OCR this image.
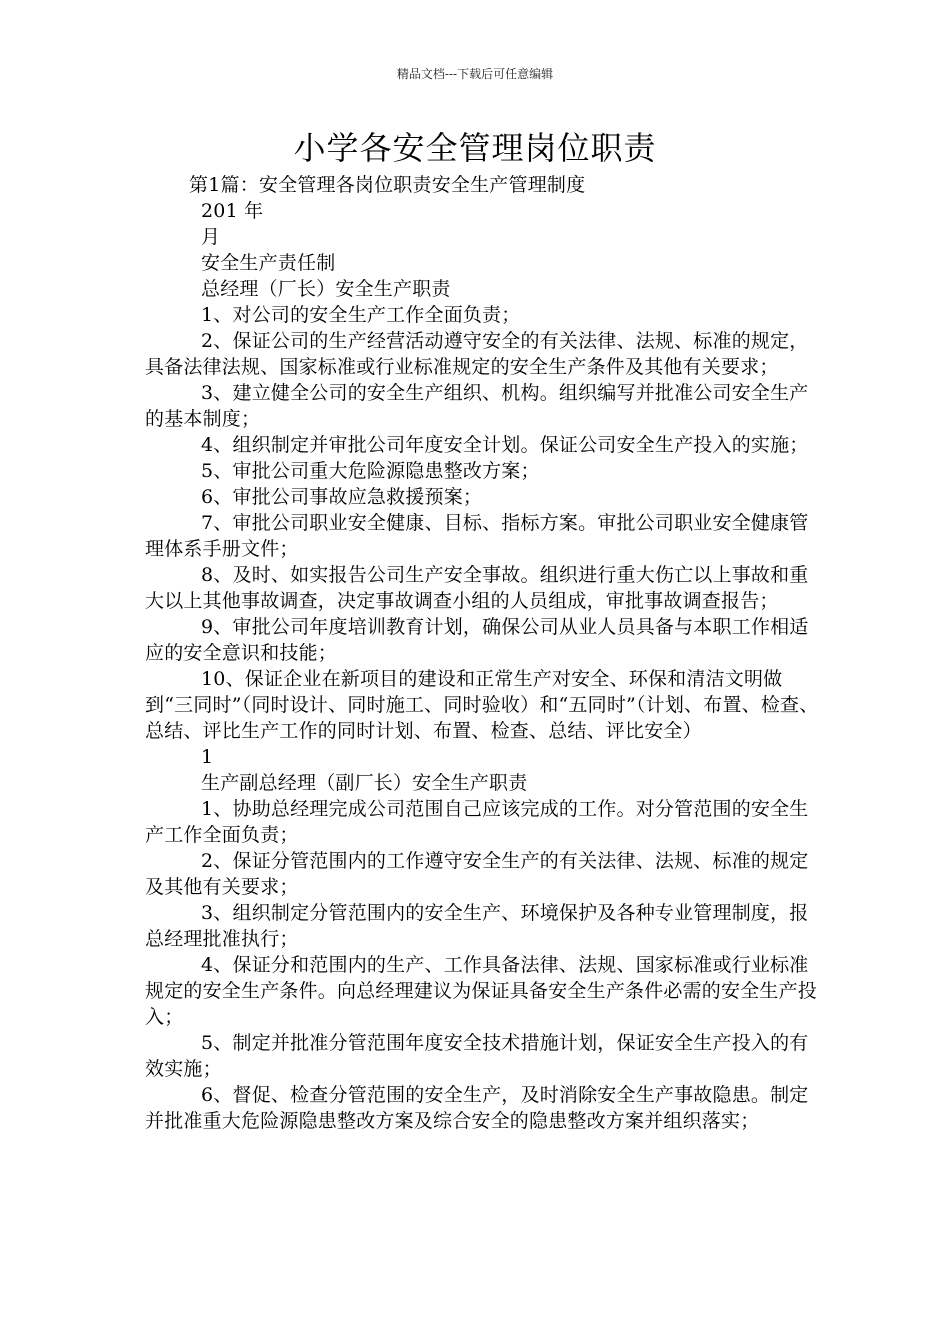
精品文档---下载后可任意编辑
小学各安全管理岗位职责

第1篇：安全管理各岗位职责安全生产管理制度

201 年

月

安全生产责任制

总经理（厂长）安全生产职责

1、对公司的安全生产工作全面负责；

2、保证公司的生产经营活动遵守安全的有关法律、法规、标准的规定，具备法律法规、国家标准或行业标准规定的安全生产条件及其他有关要求；

3、建立健全公司的安全生产组织、机构。组织编写并批准公司安全生产的基本制度；

4、组织制定并审批公司年度安全计划。保证公司安全生产投入的实施；

5、审批公司重大危险源隐患整改方案；

6、审批公司事故应急救援预案；

7、审批公司职业安全健康、目标、指标方案。审批公司职业安全健康管理体系手册文件；

8、及时、如实报告公司生产安全事故。组织进行重大伤亡以上事故和重大以上其他事故调查，决定事故调查小组的人员组成，审批事故调查报告；

9、审批公司年度培训教育计划，确保公司从业人员具备与本职工作相适应的安全意识和技能；

10、保证企业在新项目的建设和正常生产对安全、环保和清洁文明做到“三同时”（同时设计、同时施工、同时验收）和“五同时”（计划、布置、检查、总结、评比生产工作的同时计划、布置、检查、总结、评比安全）

1

生产副总经理（副厂长）安全生产职责

1、协助总经理完成公司范围自己应该完成的工作。对分管范围的安全生产工作全面负责；

2、保证分管范围内的工作遵守安全生产的有关法律、法规、标准的规定及其他有关要求；

3、组织制定分管范围内的安全生产、环境保护及各种专业管理制度，报总经理批准执行；

4、保证分和范围内的生产、工作具备法律、法规、国家标准或行业标准规定的安全生产条件。向总经理建议为保证具备安全生产条件必需的安全生产投入；

5、制定并批准分管范围年度安全技术措施计划，保证安全生产投入的有效实施；

6、督促、检查分管范围的安全生产，及时消除安全生产事故隐患。制定并批准重大危险源隐患整改方案及综合安全的隐患整改方案并组织落实；
